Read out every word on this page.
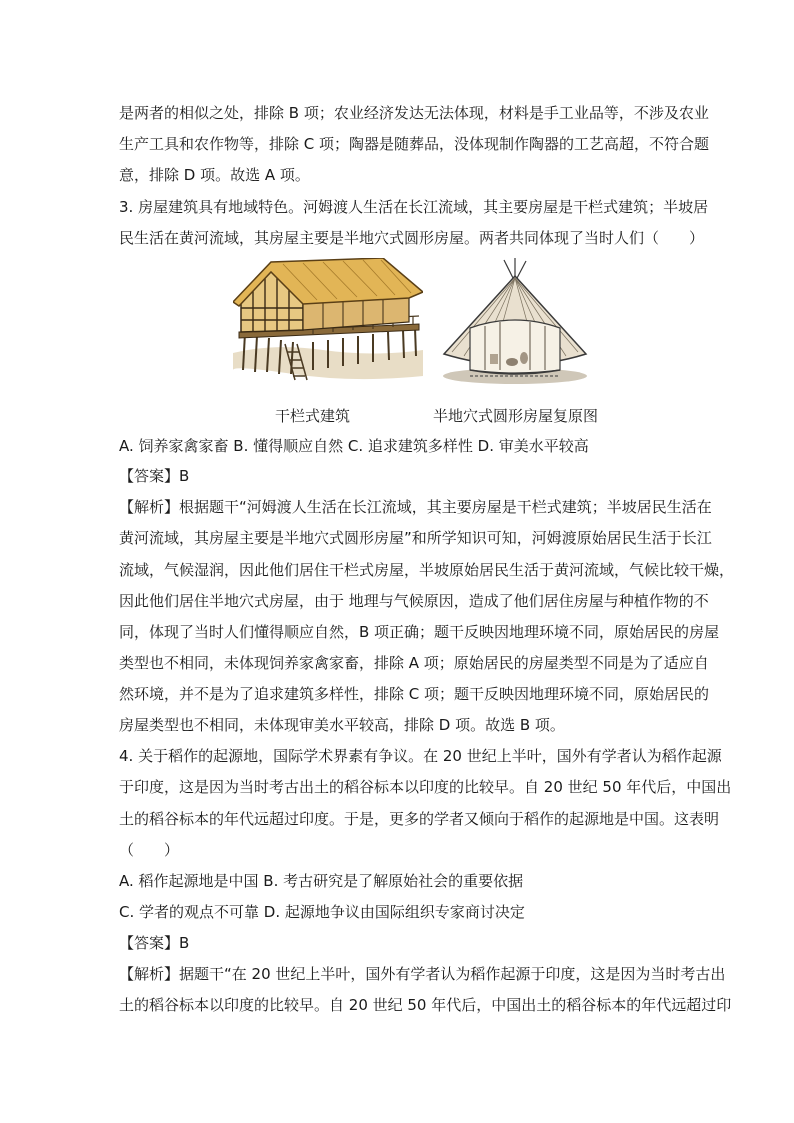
是两者的相似之处，排除 B 项；农业经济发达无法体现，材料是手工业品等，不涉及农业
生产工具和农作物等，排除 C 项；陶器是随葬品，没体现制作陶器的工艺高超，不符合题
意，排除 D 项。故选 A 项。
3. 房屋建筑具有地域特色。河姆渡人生活在长江流域，其主要房屋是干栏式建筑；半坡居
民生活在黄河流域，其房屋主要是半地穴式圆形房屋。两者共同体现了当时人们（　　）
干栏式建筑	半地穴式圆形房屋复原图
A. 饲养家禽家畜 B. 懂得顺应自然 C. 追求建筑多样性 D. 审美水平较高
【答案】B
【解析】根据题干“河姆渡人生活在长江流域，其主要房屋是干栏式建筑；半坡居民生活在
黄河流域，其房屋主要是半地穴式圆形房屋”和所学知识可知，河姆渡原始居民生活于长江
流域，气候湿润，因此他们居住干栏式房屋，半坡原始居民生活于黄河流域，气候比较干燥，
因此他们居住半地穴式房屋，由于 地理与气候原因，造成了他们居住房屋与种植作物的不
同，体现了当时人们懂得顺应自然，B 项正确；题干反映因地理环境不同，原始居民的房屋
类型也不相同，未体现饲养家禽家畜，排除 A 项；原始居民的房屋类型不同是为了适应自
然环境，并不是为了追求建筑多样性，排除 C 项；题干反映因地理环境不同，原始居民的
房屋类型也不相同，未体现审美水平较高，排除 D 项。故选 B 项。
4. 关于稻作的起源地，国际学术界素有争议。在 20 世纪上半叶，国外有学者认为稻作起源
于印度，这是因为当时考古出土的稻谷标本以印度的比较早。自 20 世纪 50 年代后，中国出
土的稻谷标本的年代远超过印度。于是，更多的学者又倾向于稻作的起源地是中国。这表明
（　　）
A. 稻作起源地是中国 B. 考古研究是了解原始社会的重要依据
C. 学者的观点不可靠 D. 起源地争议由国际组织专家商讨决定
【答案】B
【解析】据题干“在 20 世纪上半叶，国外有学者认为稻作起源于印度，这是因为当时考古出
土的稻谷标本以印度的比较早。自 20 世纪 50 年代后，中国出土的稻谷标本的年代远超过印
